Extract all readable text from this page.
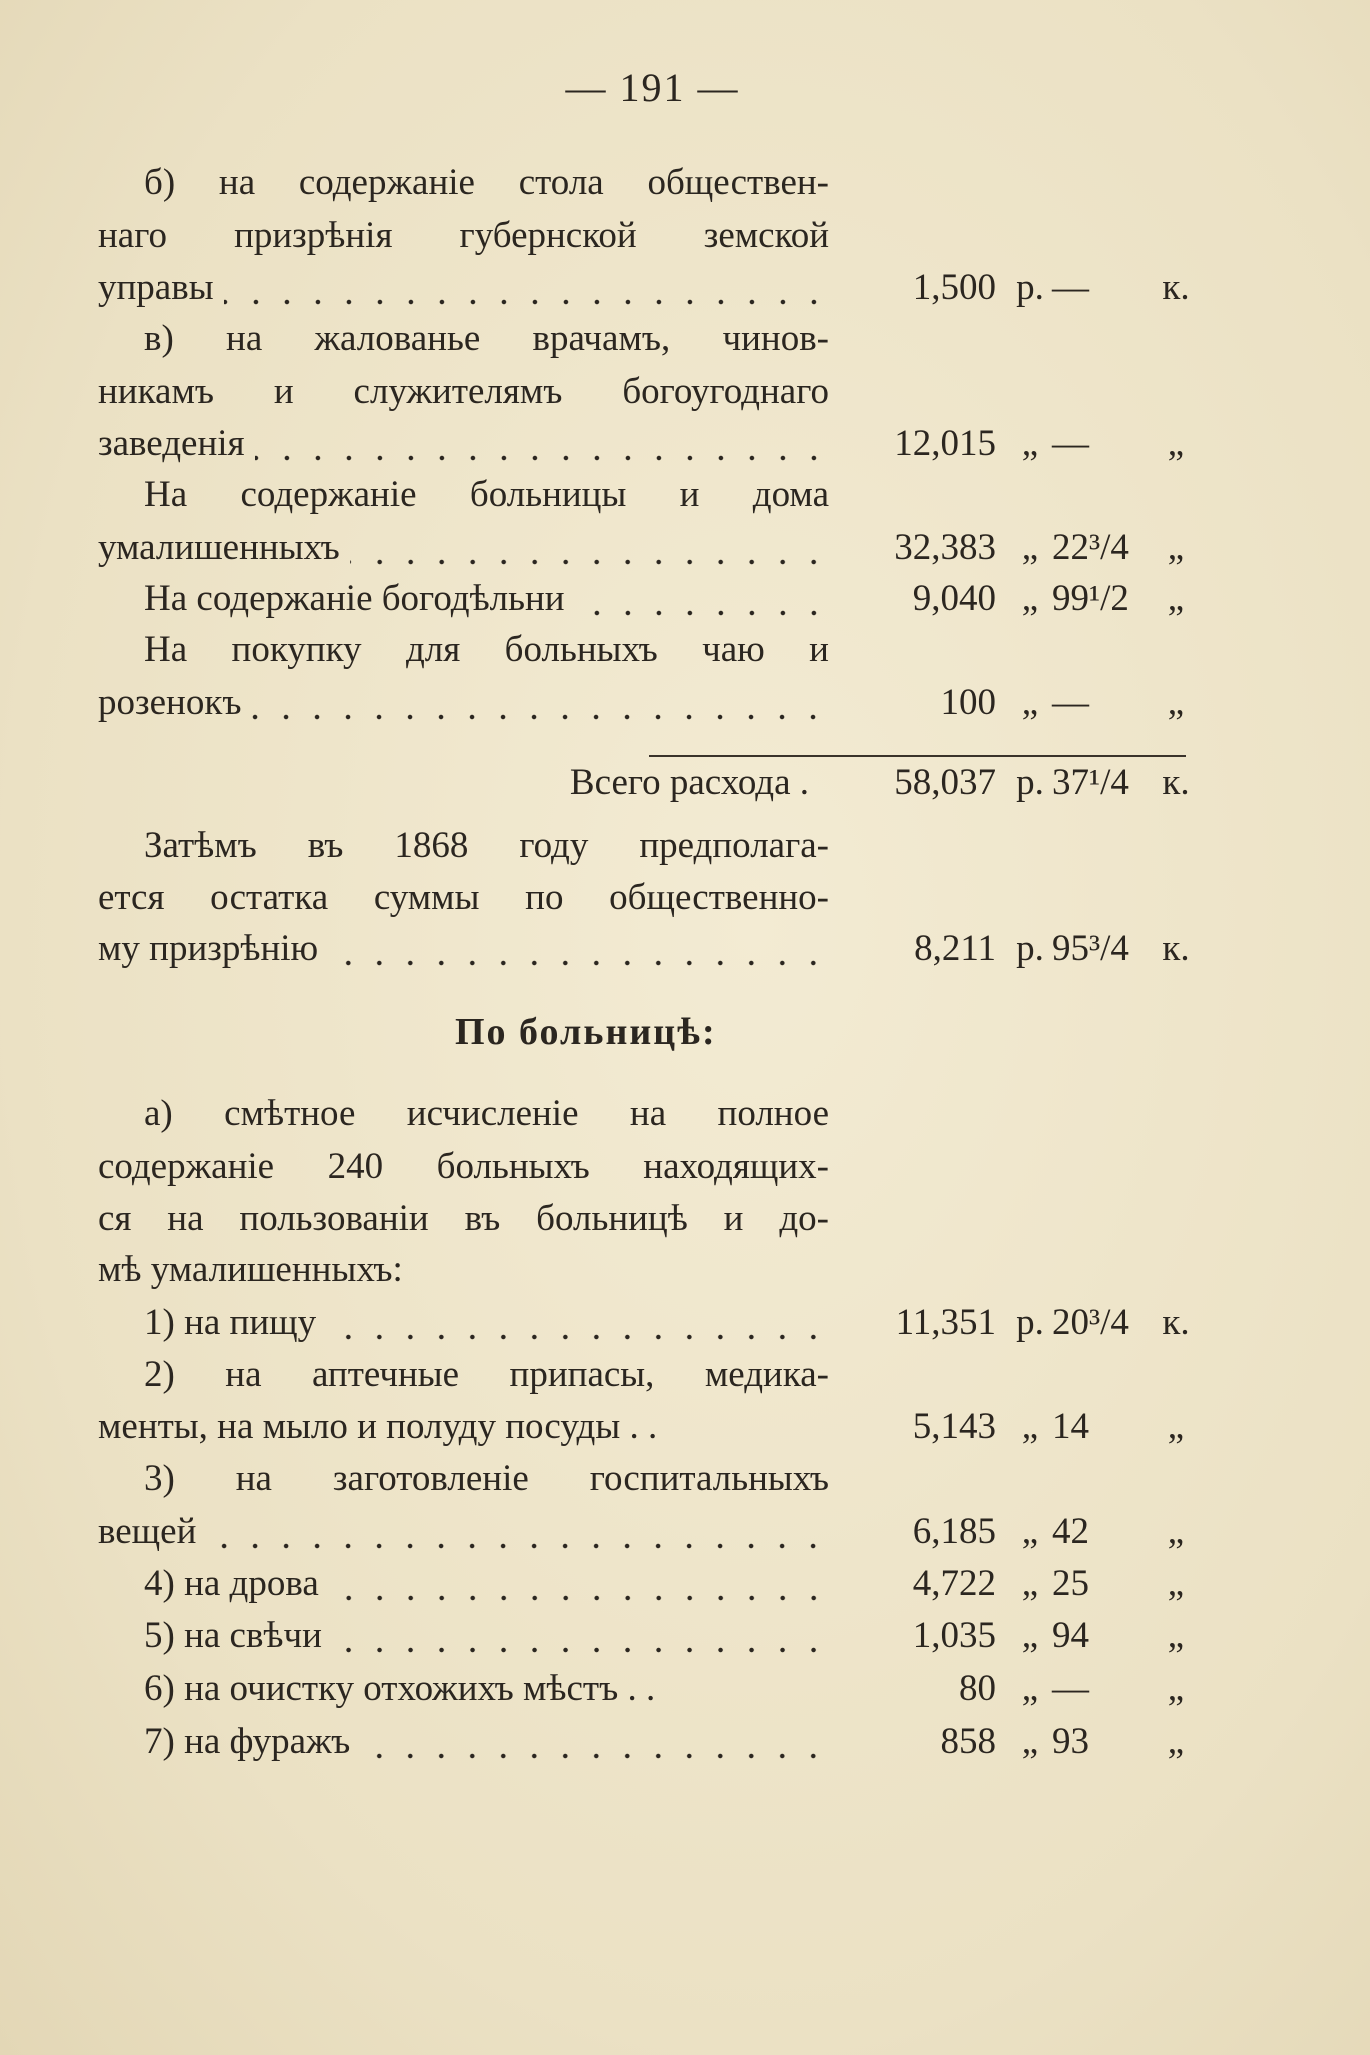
— 191 —
По больницѣ:
б) на содержаніе стола обществен-
наго призрѣнія губернской земской
управы	1,500 р. —	к.
в) на жалованье врачамъ, чинов-
никамъ и служителямъ богоугоднаго
заведенія	12,015 „ —	„
На содержаніе больницы и дома
умалишенныхъ	32,383 „ 22³/4	„
На содержаніе богодѣльни	9,040 „ 99¹/2	„
На покупку для больныхъ чаю и
розенокъ	100 „ —	„
Всего расхода . 58,037 р. 37¹/4 к.
Затѣмъ въ 1868 году предполага-
ется остатка суммы по общественно-
му призрѣнію	8,211 р. 95³/4 к.
а) смѣтное исчисленіе на полное
содержаніе 240 больныхъ находящих-
ся на пользованіи въ больницѣ и до-
мѣ умалишенныхъ:
1) на пищу	11,351 р. 20³/4 к.
2) на аптечные припасы, медика-
менты, на мыло и полуду посуды . .	5,143 „ 14	„
3) на заготовленіе госпитальныхъ
вещей	6,185 „ 42	„
4) на дрова	4,722 „ 25	„
5) на свѣчи	1,035 „ 94	„
6) на очистку отхожихъ мѣстъ . .	80 „ —	„
7) на фуражъ	858 „ 93	„
